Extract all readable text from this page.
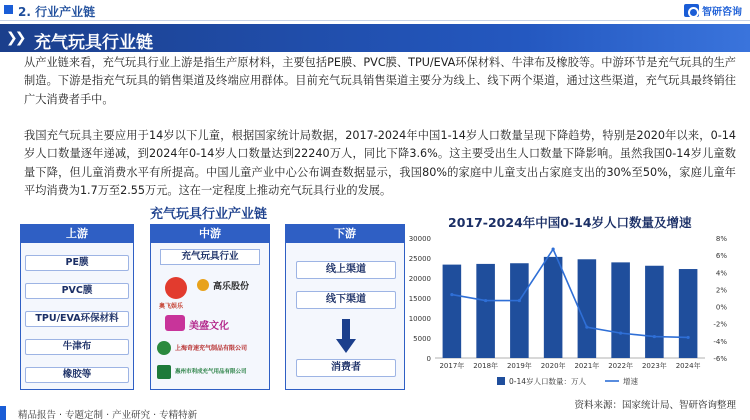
2. 行业产业链	智研咨询
❯❯ 充气玩具行业链

从产业链来看，充气玩具行业上游是指生产原材料，主要包括PE膜、PVC膜、TPU/EVA环保材料、牛津布及橡胶等。中游环节是充气玩具的生产制造。下游是指充气玩具的销售渠道及终端应用群体。目前充气玩具销售渠道主要分为线上、线下两个渠道，通过这些渠道，充气玩具最终销往广大消费者手中。

我国充气玩具主要应用于14岁以下儿童，根据国家统计局数据，2017-2024年中国1-14岁人口数量呈现下降趋势，特别是2020年以来，0-14岁人口数量逐年递减，到2024年0-14岁人口数量达到22240万人，同比下降3.6%。这主要受出生人口数量下降影响。虽然我国0-14岁儿童数量下降，但儿童消费水平有所提高。中国儿童产业中心公布调查数据显示，我国80%的家庭中儿童支出占家庭支出的30%至50%，家庭儿童年平均消费为1.7万至2.55万元。这在一定程度上推动充气玩具行业的发展。

充气玩具行业产业链
上游
PE膜
PVC膜
TPU/EVA环保材料
牛津布
橡胶等
中游
充气玩具行业
奥飞娱乐
高乐股份
美盛文化
上海奇速充气制品有限公司
惠州市利成充气用品有限公司
下游
线上渠道
线下渠道
消费者
2017-2024年中国0-14岁人口数量及增速
0
5000
10000
15000
20000
25000
30000
-6%
-4%
-2%
0%
2%
4%
6%
8%
2017年 2018年 2019年 2020年 2021年 2022年 2023年 2024年
0-14岁人口数量：万人	增速
资料来源：国家统计局、智研咨询整理
精品报告 · 专题定制 · 产业研究 · 专精特新
